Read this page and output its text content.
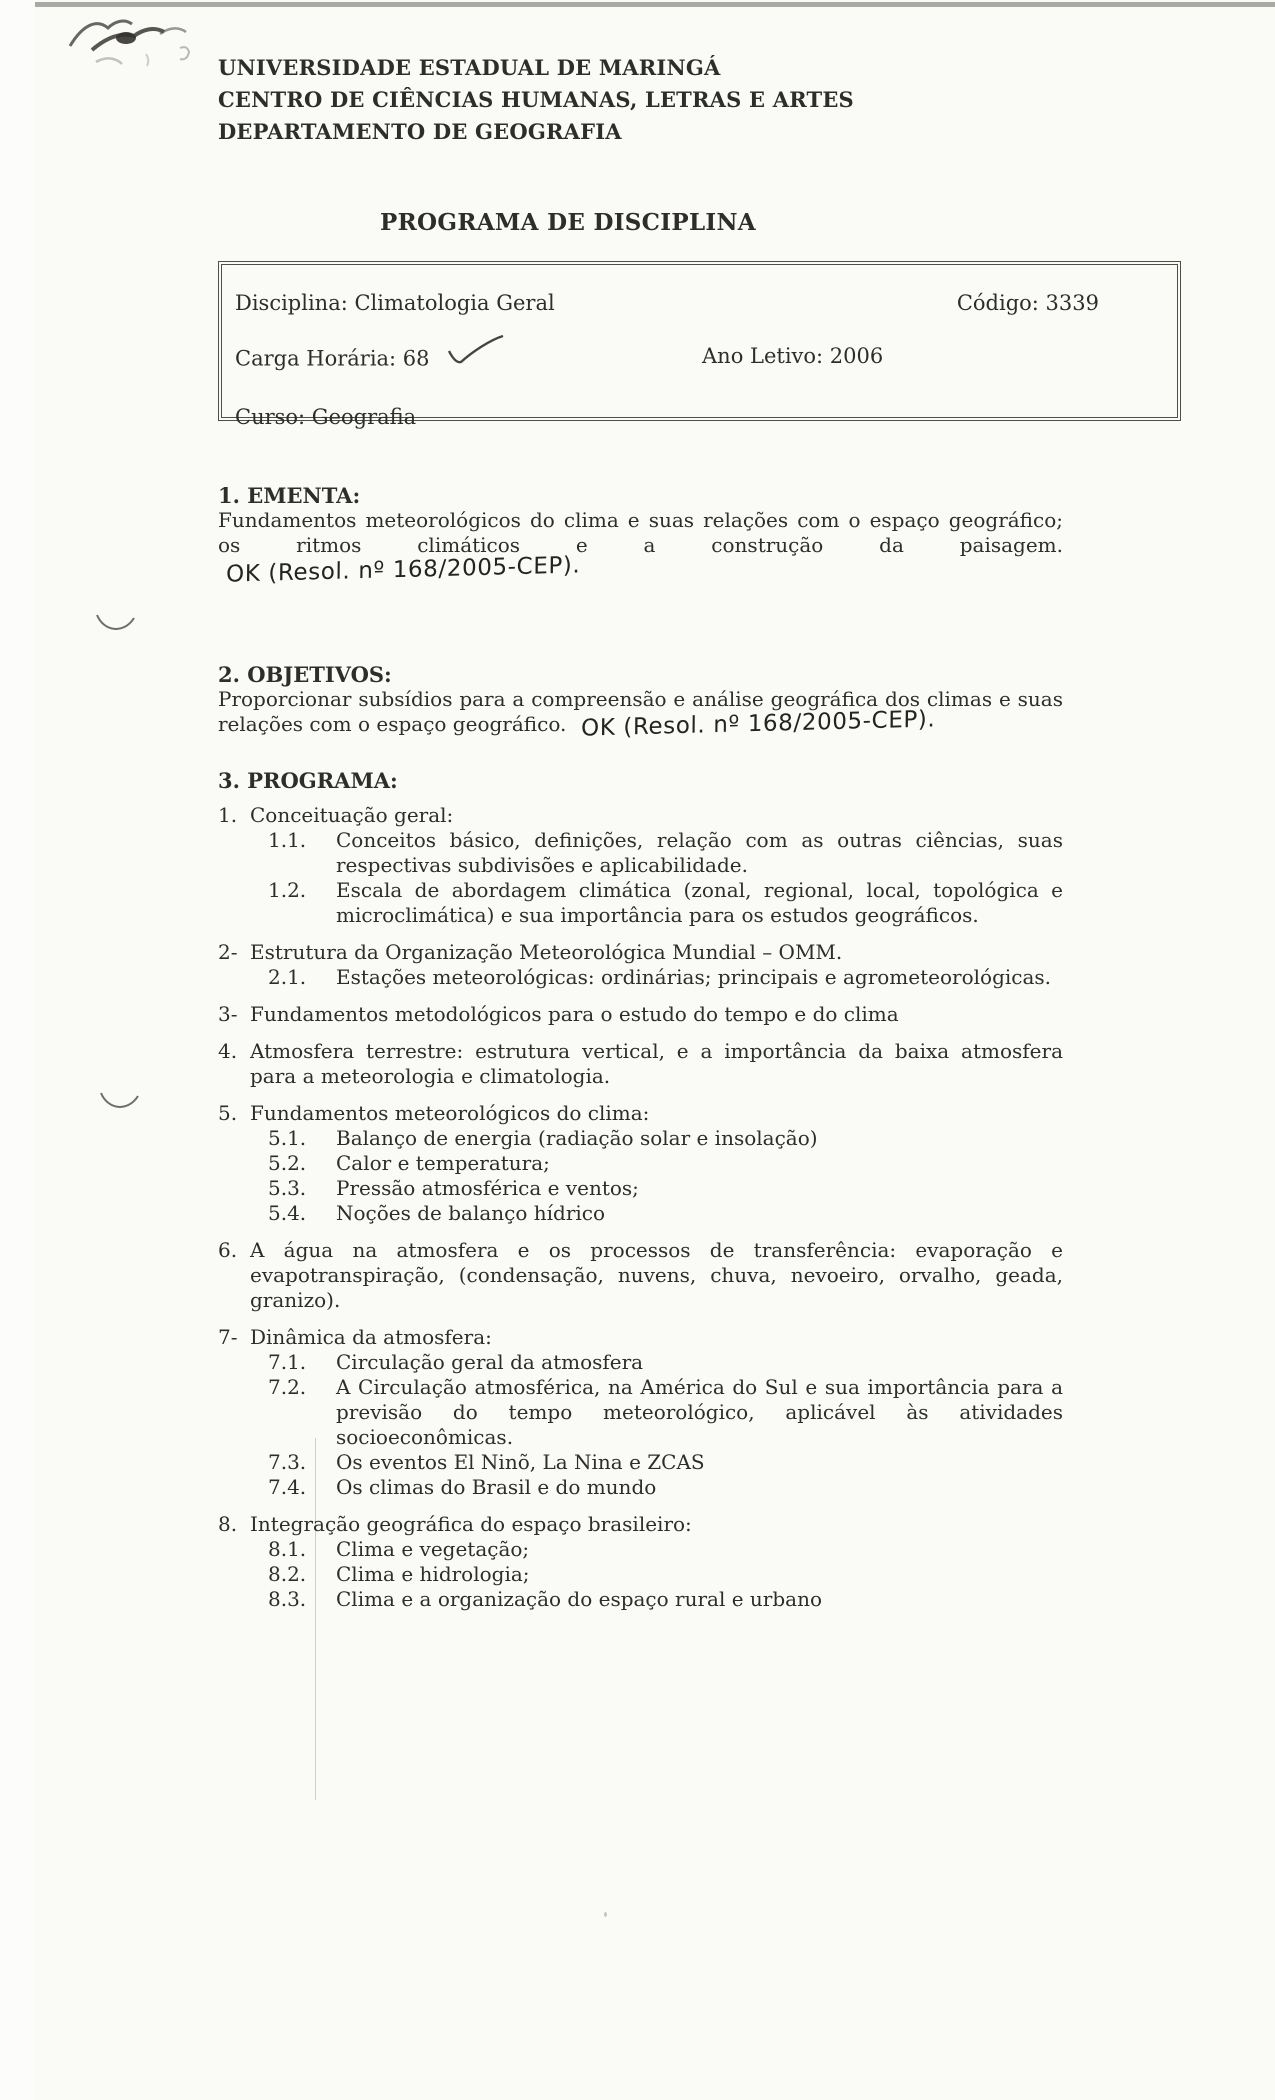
UNIVERSIDADE ESTADUAL DE MARINGÁ
CENTRO DE CIÊNCIAS HUMANAS, LETRAS E ARTES
DEPARTAMENTO DE GEOGRAFIA
PROGRAMA DE DISCIPLINA
Disciplina: Climatologia Geral	Código: 3339
Carga Horária: 68	Ano Letivo: 2006
Curso: Geografia
1. EMENTA:
Fundamentos meteorológicos do clima e suas relações com o espaço geográfico; os ritmos climáticos e a construção da paisagem. OK (Resol. nº 168/2005-CEP).
2. OBJETIVOS:
Proporcionar subsídios para a compreensão e análise geográfica dos climas e suas relações com o espaço geográfico. OK (Resol. nº 168/2005-CEP).
3. PROGRAMA:
1. Conceituação geral:
1.1.	Conceitos básico, definições, relação com as outras ciências, suas respectivas subdivisões e aplicabilidade.
1.2.	Escala de abordagem climática (zonal, regional, local, topológica e microclimática) e sua importância para os estudos geográficos.
2- Estrutura da Organização Meteorológica Mundial – OMM.
2.1.	Estações meteorológicas: ordinárias; principais e agrometeorológicas.
3- Fundamentos metodológicos para o estudo do tempo e do clima
4. Atmosfera terrestre: estrutura vertical, e a importância da baixa atmosfera para a meteorologia e climatologia.
5. Fundamentos meteorológicos do clima:
5.1.	Balanço de energia (radiação solar e insolação)
5.2.	Calor e temperatura;
5.3.	Pressão atmosférica e ventos;
5.4.	Noções de balanço hídrico
6. A água na atmosfera e os processos de transferência: evaporação e evapotranspiração, (condensação, nuvens, chuva, nevoeiro, orvalho, geada, granizo).
7- Dinâmica da atmosfera:
7.1.	Circulação geral da atmosfera
7.2.	A Circulação atmosférica, na América do Sul e sua importância para a previsão do tempo meteorológico, aplicável às atividades socioeconômicas.
7.3.	Os eventos El Ninõ, La Nina e ZCAS
7.4.	Os climas do Brasil e do mundo
8. Integração geográfica do espaço brasileiro:
8.1.	Clima e vegetação;
8.2.	Clima e hidrologia;
8.3.	Clima e a organização do espaço rural e urbano
